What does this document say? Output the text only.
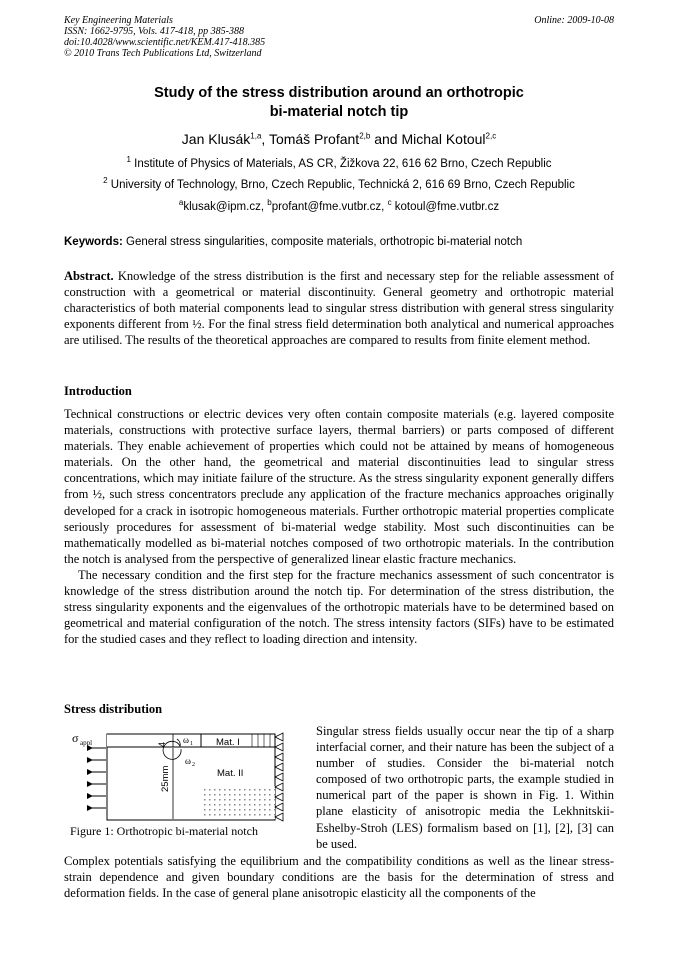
Key Engineering Materials
ISSN: 1662-9795, Vols. 417-418, pp 385-388
doi:10.4028/www.scientific.net/KEM.417-418.385
© 2010 Trans Tech Publications Ltd, Switzerland
Online: 2009-10-08
Study of the stress distribution around an orthotropic
bi-material notch tip
Jan Klusák$^{1,a}$, Tomáš Profant$^{2,b}$ and Michal Kotoul$^{2,c}$
$^1$ Institute of Physics of Materials, AS CR, Žižkova 22, 616 62 Brno, Czech Republic
$^2$ University of Technology, Brno, Czech Republic, Technická 2, 616 69 Brno, Czech Republic
$^a$klusak@ipm.cz, $^b$profant@fme.vutbr.cz, $^c$ kotoul@fme.vutbr.cz
Keywords: General stress singularities, composite materials, orthotropic bi-material notch
Abstract. Knowledge of the stress distribution is the first and necessary step for the reliable assessment of construction with a geometrical or material discontinuity. General geometry and orthotropic material characteristics of both material components lead to singular stress distribution with general stress singularity exponents different from ½. For the final stress field determination both analytical and numerical approaches are utilised. The results of the theoretical approaches are compared to results from finite element method.
Introduction
Technical constructions or electric devices very often contain composite materials (e.g. layered composite materials, constructions with protective surface layers, thermal barriers) or parts composed of different materials. They enable achievement of properties which could not be attained by means of homogeneous materials. On the other hand, the geometrical and material discontinuities lead to singular stress concentrations, which may initiate failure of the structure. As the stress singularity exponent generally differs from ½, such stress concentrators preclude any application of the fracture mechanics approaches originally developed for a crack in isotropic homogeneous materials. Further orthotropic material properties complicate seriously procedures for assessment of bi-material wedge stability. Most such discontinuities can be mathematically modelled as bi-material notches composed of two orthotropic materials. In the contribution the notch is analysed from the perspective of generalized linear elastic fracture mechanics.
The necessary condition and the first step for the fracture mechanics assessment of such concentrator is knowledge of the stress distribution around the notch tip. For determination of the stress distribution, the stress singularity exponents and the eigenvalues of the orthotropic materials have to be determined based on geometrical and material configuration of the notch. The stress intensity factors (SIFs) have to be estimated for the studied cases and they reflect to loading direction and intensity.
Stress distribution
σ appl	Mat. I
Mat. II
4
25mm
ω 1
ω 2
Figure 1: Orthotropic bi-material notch
Singular stress fields usually occur near the tip of a sharp interfacial corner, and their nature has been the subject of a number of studies. Consider the bi-material notch composed of two orthotropic parts, the example studied in numerical part of the paper is shown in Fig. 1. Within plane elasticity of anisotropic media the Lekhnitskii-Eshelby-Stroh (LES) formalism based on [1], [2], [3] can be used.
Complex potentials satisfying the equilibrium and the compatibility conditions as well as the linear stress-strain dependence and given boundary conditions are the basis for the determination of stress and deformation fields. In the case of general plane anisotropic elasticity all the components of the
